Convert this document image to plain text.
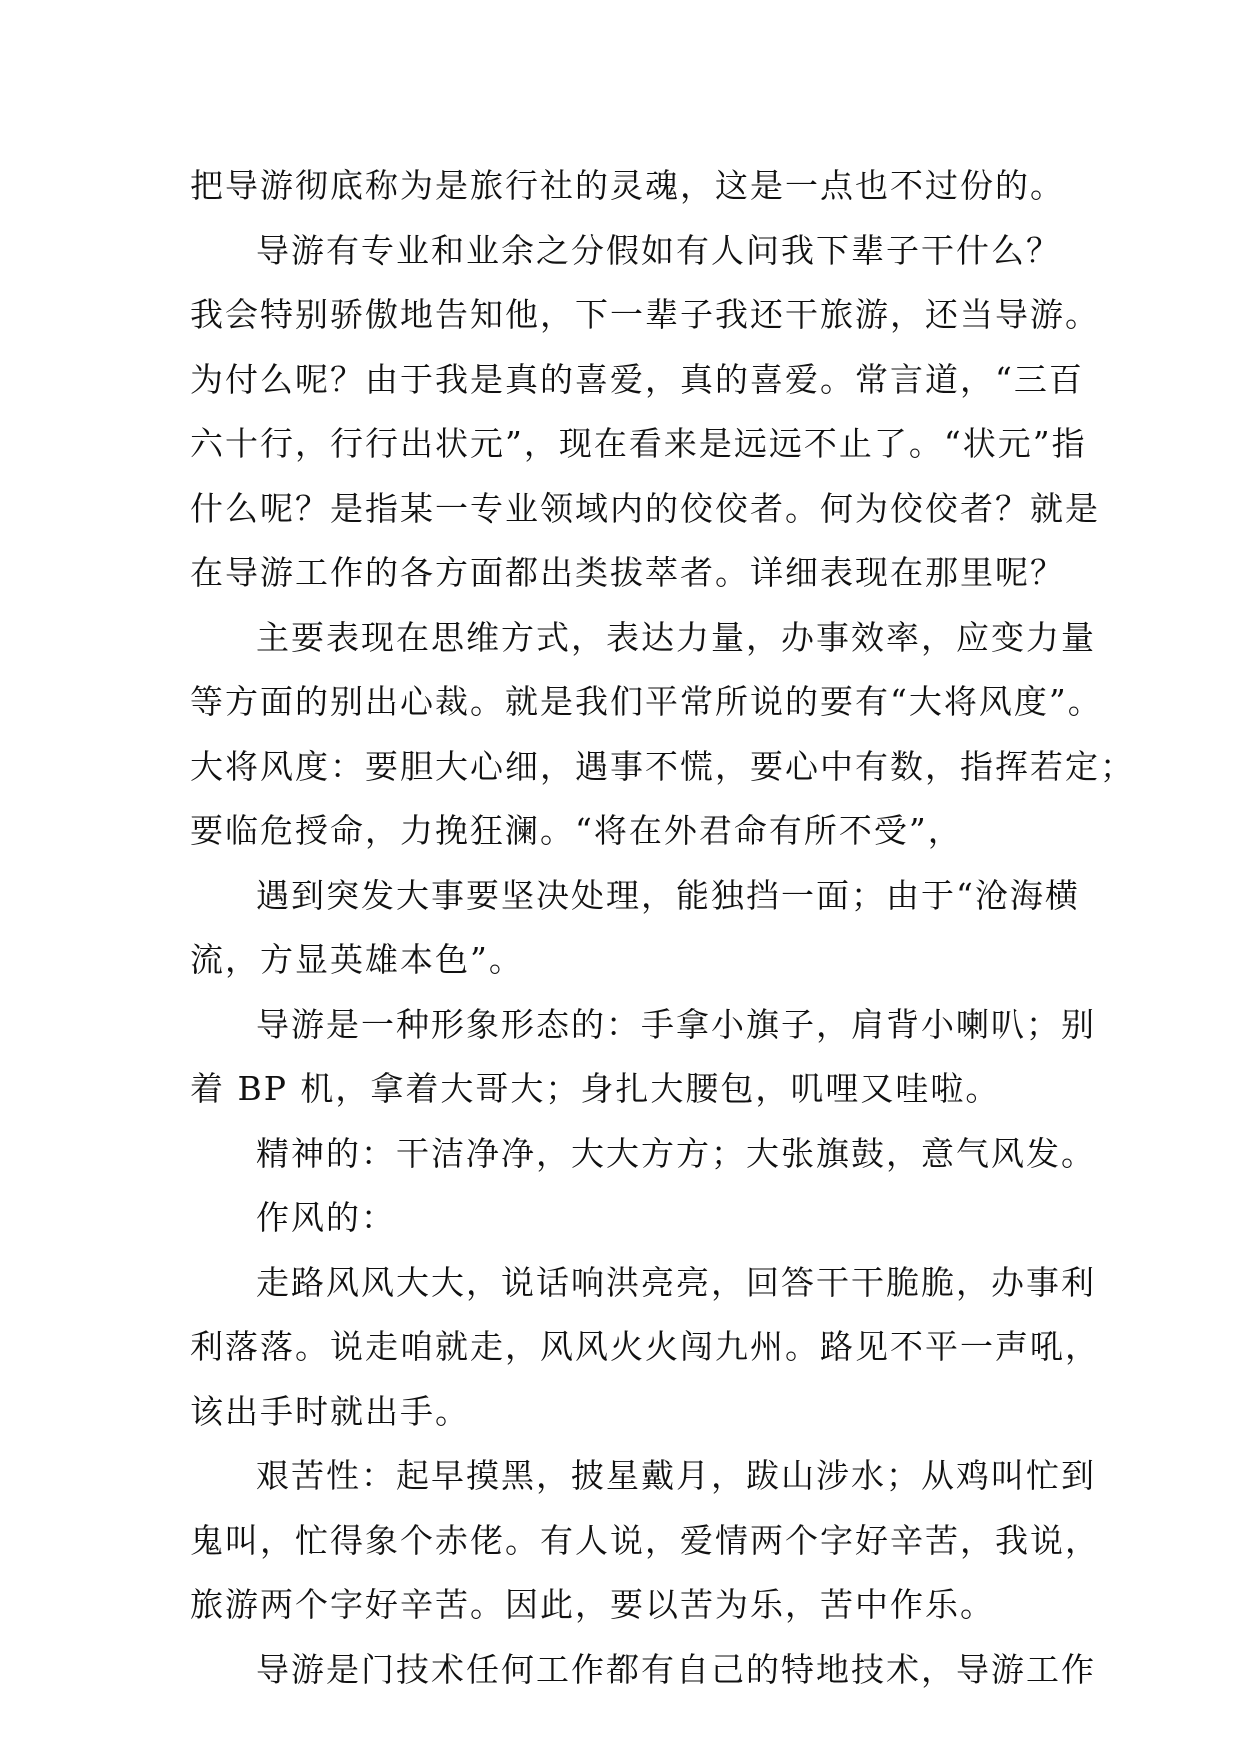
把导游彻底称为是旅行社的灵魂，这是一点也不过份的。
导游有专业和业余之分假如有人问我下辈子干什么？
我会特别骄傲地告知他，下一辈子我还干旅游，还当导游。
为付么呢？由于我是真的喜爱，真的喜爱。常言道，“三百
六十行，行行出状元”，现在看来是远远不止了。“状元”指
什么呢？是指某一专业领域内的佼佼者。何为佼佼者？就是
在导游工作的各方面都出类拔萃者。详细表现在那里呢？
主要表现在思维方式，表达力量，办事效率，应变力量
等方面的别出心裁。就是我们平常所说的要有“大将风度”。
大将风度：要胆大心细，遇事不慌，要心中有数，指挥若定；
要临危授命，力挽狂澜。“将在外君命有所不受”，
遇到突发大事要坚决处理，能独挡一面；由于“沧海横
流，方显英雄本色”。
导游是一种形象形态的：手拿小旗子，肩背小喇叭；别
着 BP 机，拿着大哥大；身扎大腰包，叽哩又哇啦。
精神的：干洁净净，大大方方；大张旗鼓，意气风发。
作风的：
走路风风大大，说话响洪亮亮，回答干干脆脆，办事利
利落落。说走咱就走，风风火火闯九州。路见不平一声吼，
该出手时就出手。
艰苦性：起早摸黑，披星戴月，跋山涉水；从鸡叫忙到
鬼叫，忙得象个赤佬。有人说，爱情两个字好辛苦，我说，
旅游两个字好辛苦。因此，要以苦为乐，苦中作乐。
导游是门技术任何工作都有自己的特地技术，导游工作
